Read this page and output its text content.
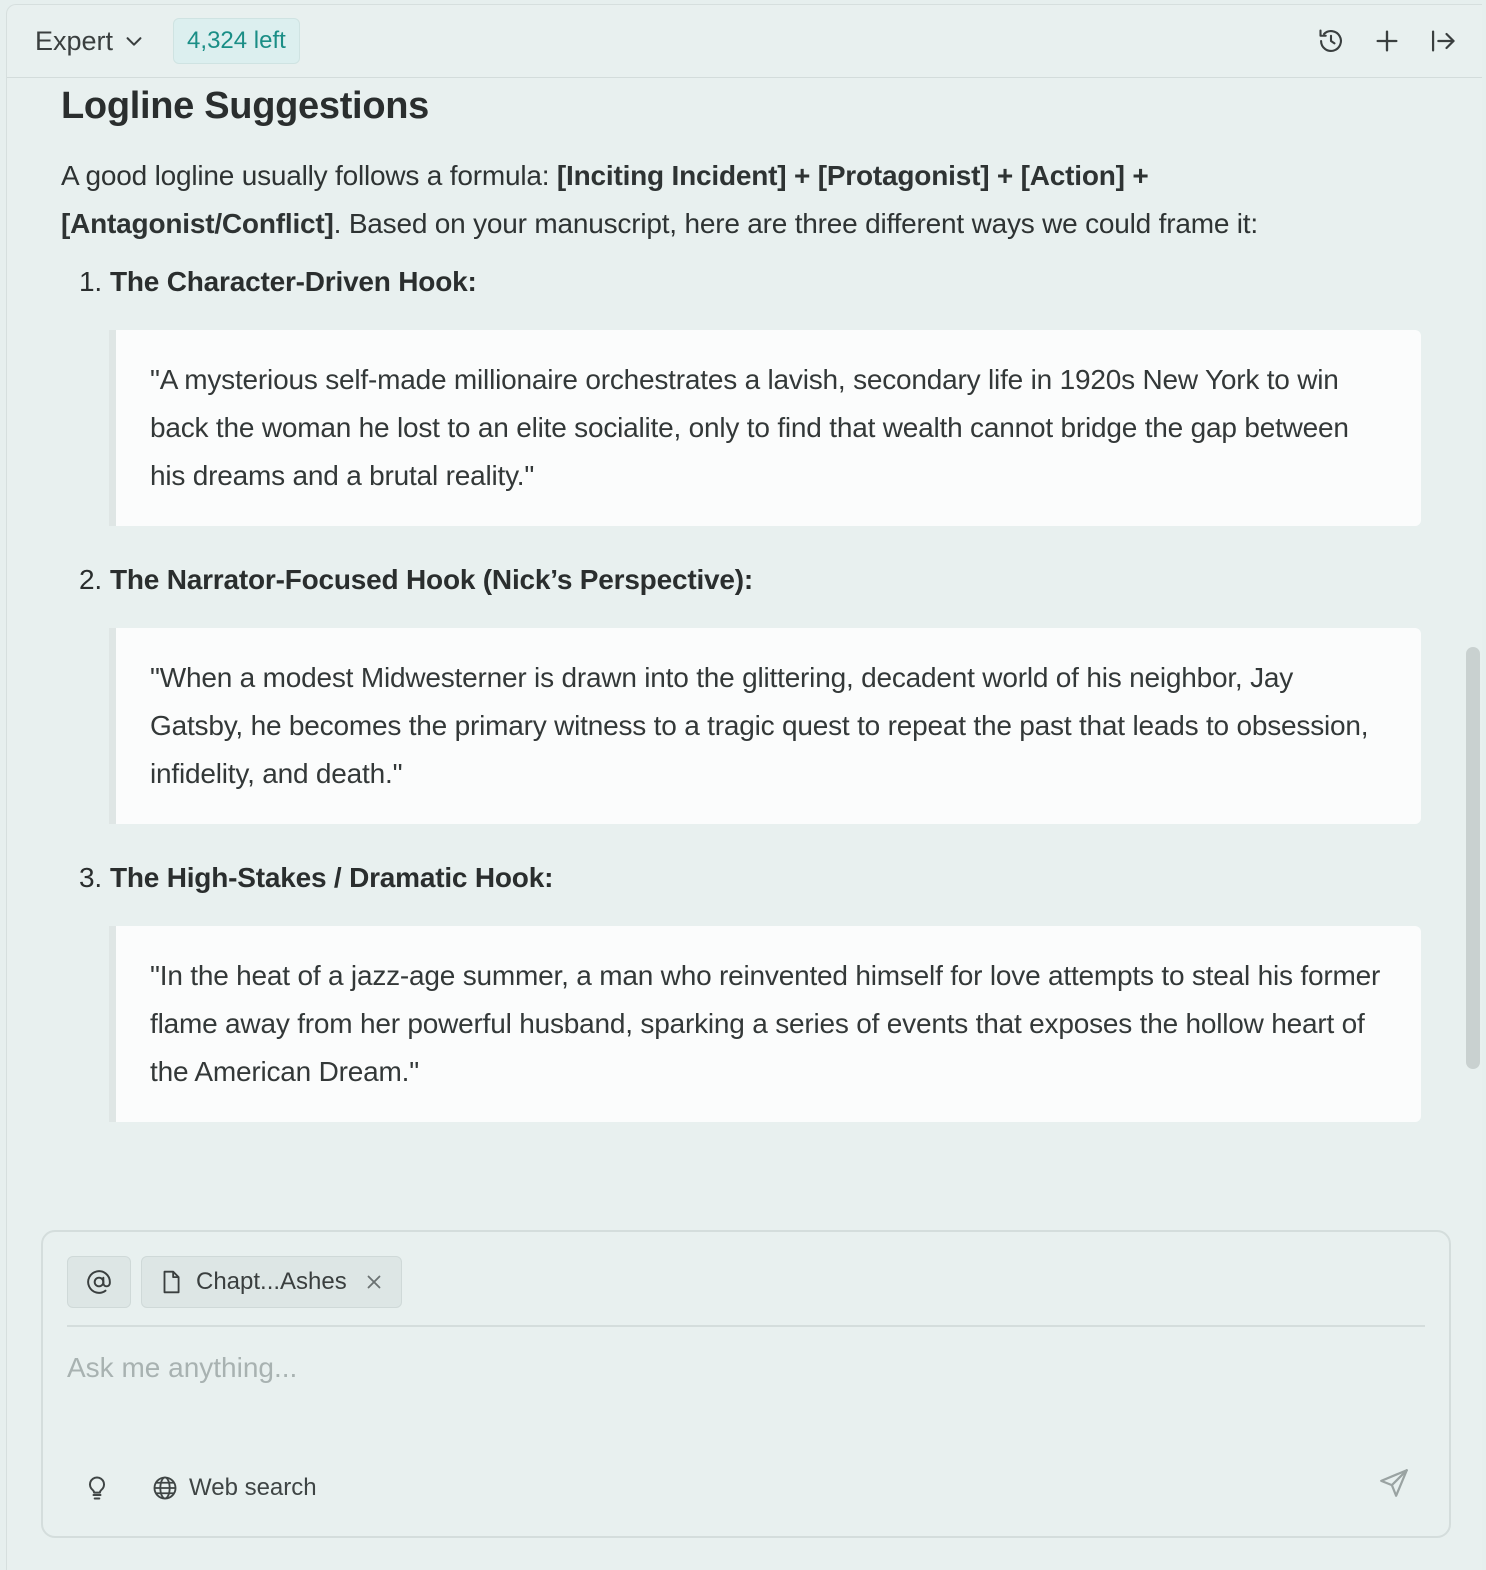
Expert	4,324 left
Logline Suggestions

A good logline usually follows a formula: [Inciting Incident] + [Protagonist] + [Action] + [Antagonist/Conflict]. Based on your manuscript, here are three different ways we could frame it:

1. The Character-Driven Hook:
"A mysterious self-made millionaire orchestrates a lavish, secondary life in 1920s New York to win back the woman he lost to an elite socialite, only to find that wealth cannot bridge the gap between his dreams and a brutal reality."
2. The Narrator-Focused Hook (Nick’s Perspective):
"When a modest Midwesterner is drawn into the glittering, decadent world of his neighbor, Jay Gatsby, he becomes the primary witness to a tragic quest to repeat the past that leads to obsession, infidelity, and death."
3. The High-Stakes / Dramatic Hook:
"In the heat of a jazz-age summer, a man who reinvented himself for love attempts to steal his former flame away from her powerful husband, sparking a series of events that exposes the hollow heart of the American Dream."
Chapt...Ashes
Ask me anything...
Web search
